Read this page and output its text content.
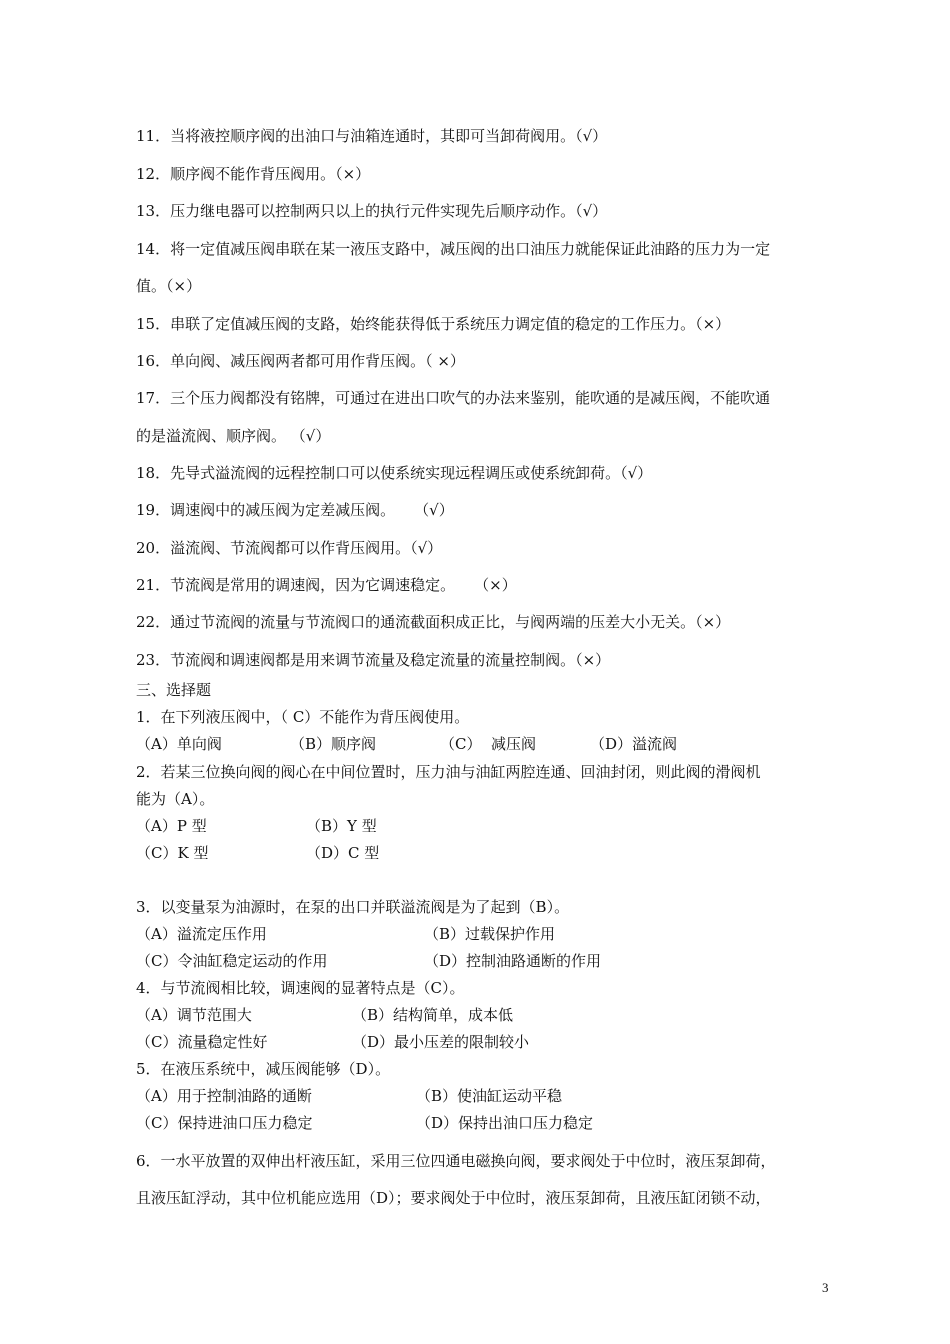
11．当将液控顺序阀的出油口与油箱连通时，其即可当卸荷阀用。（√）
12．顺序阀不能作背压阀用。（×）
13．压力继电器可以控制两只以上的执行元件实现先后顺序动作。（√）
14．将一定值减压阀串联在某一液压支路中，减压阀的出口油压力就能保证此油路的压力为一定
值。（×）
15．串联了定值减压阀的支路，始终能获得低于系统压力调定值的稳定的工作压力。（×）
16．单向阀、减压阀两者都可用作背压阀。（ ×）
17．三个压力阀都没有铭牌，可通过在进出口吹气的办法来鉴别，能吹通的是减压阀，不能吹通
的是溢流阀、顺序阀。 （√）
18．先导式溢流阀的远程控制口可以使系统实现远程调压或使系统卸荷。（√）
19．调速阀中的减压阀为定差减压阀。    （√）
20．溢流阀、节流阀都可以作背压阀用。（√）
21．节流阀是常用的调速阀，因为它调速稳定。    （×）
22．通过节流阀的流量与节流阀口的通流截面积成正比，与阀两端的压差大小无关。（×）
23．节流阀和调速阀都是用来调节流量及稳定流量的流量控制阀。（×）
三、选择题
1．在下列液压阀中，（ C）不能作为背压阀使用。
（A）单向阀	（B）顺序阀	（C）  减压阀	（D）溢流阀
2．若某三位换向阀的阀心在中间位置时，压力油与油缸两腔连通、回油封闭，则此阀的滑阀机
能为（A）。
（A）P 型	（B）Y 型
（C）K 型	（D）C 型
3．以变量泵为油源时，在泵的出口并联溢流阀是为了起到（B）。
（A）溢流定压作用	（B）过载保护作用
（C）令油缸稳定运动的作用	（D）控制油路通断的作用
4．与节流阀相比较，调速阀的显著特点是（C）。
（A）调节范围大	（B）结构简单，成本低
（C）流量稳定性好	（D）最小压差的限制较小
5．在液压系统中，减压阀能够（D）。
（A）用于控制油路的通断	（B）使油缸运动平稳
（C）保持进油口压力稳定	（D）保持出油口压力稳定
6．一水平放置的双伸出杆液压缸，采用三位四通电磁换向阀，要求阀处于中位时，液压泵卸荷，
且液压缸浮动，其中位机能应选用（D）；要求阀处于中位时，液压泵卸荷，且液压缸闭锁不动，
3
